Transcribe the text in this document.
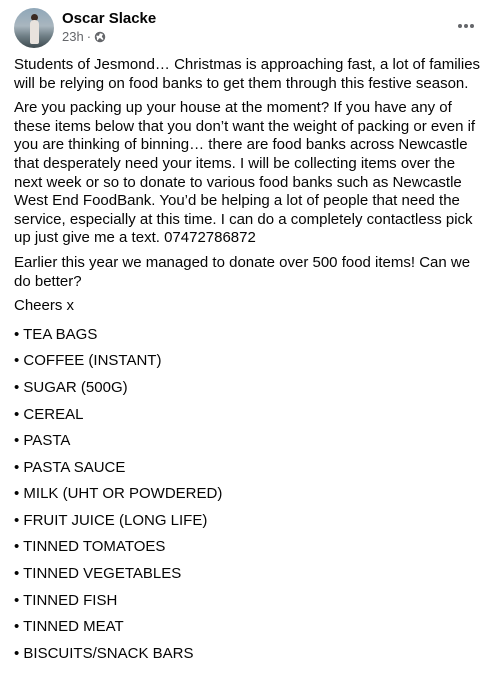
Oscar Slacke
23h ·

Students of Jesmond… Christmas is approaching fast, a lot of families will be relying on food banks to get them through this festive season.

Are you packing up your house at the moment? If you have any of these items below that you don’t want the weight of packing or even if you are thinking of binning… there are food banks across Newcastle that desperately need your items. I will be collecting items over the next week or so to donate to various food banks such as Newcastle West End FoodBank. You’d be helping a lot of people that need the service, especially at this time. I can do a completely contactless pick up just give me a text. 07472786872

Earlier this year we managed to donate over 500 food items! Can we do better?

Cheers x

• TEA BAGS
• COFFEE (INSTANT)
• SUGAR (500G)
• CEREAL
• PASTA
• PASTA SAUCE
• MILK (UHT OR POWDERED)
• FRUIT JUICE (LONG LIFE)
• TINNED TOMATOES
• TINNED VEGETABLES
• TINNED FISH
• TINNED MEAT
• BISCUITS/SNACK BARS
